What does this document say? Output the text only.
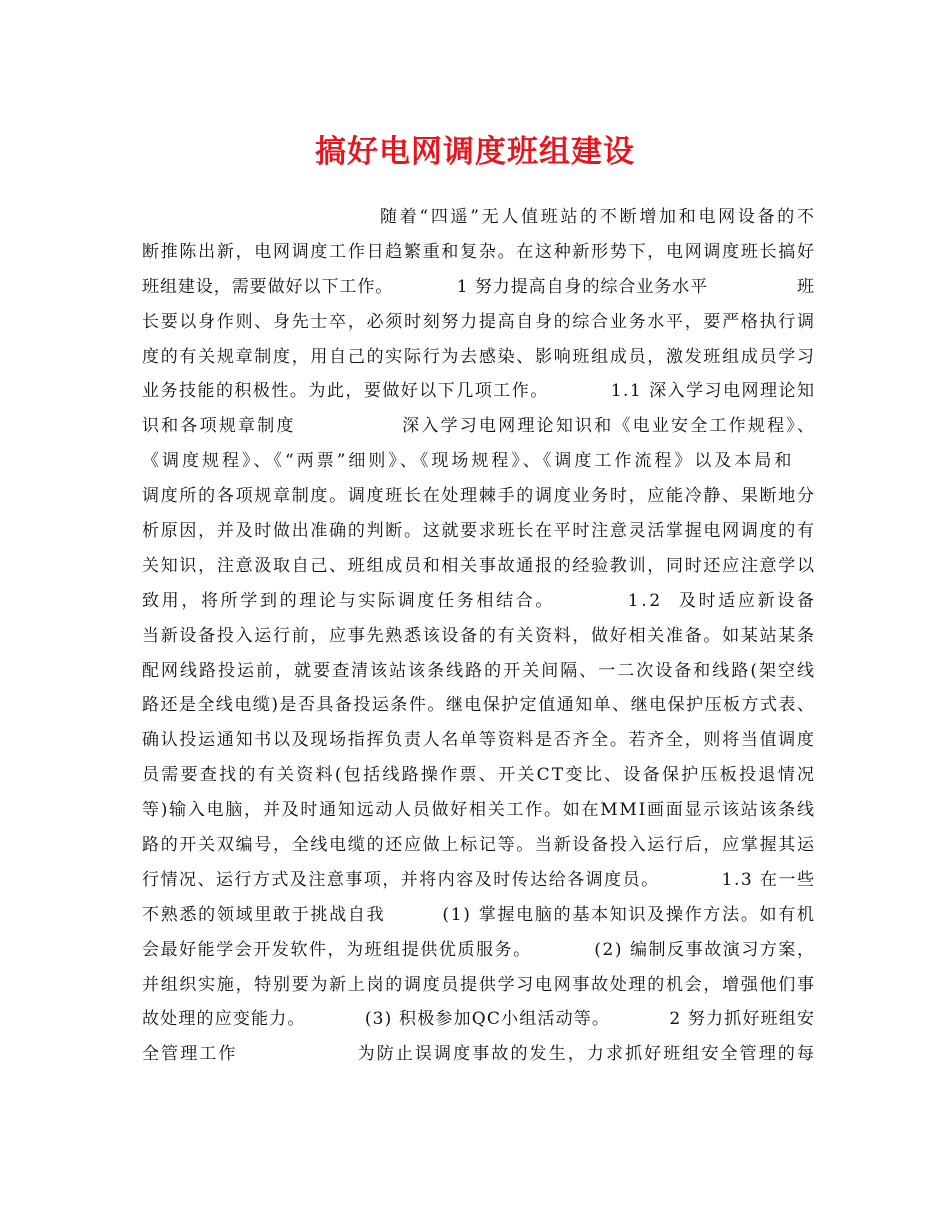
搞好电网调度班组建设
随着“四遥”无人值班站的不断增加和电网设备的不
断推陈出新，电网调度工作日趋繁重和复杂。在这种新形势下，电网调度班长搞好
班组建设，需要做好以下工作。          1 努力提高自身的综合业务水平              班
长要以身作则、身先士卒，必须时刻努力提高自身的综合业务水平，要严格执行调
度的有关规章制度，用自己的实际行为去感染、影响班组成员，激发班组成员学习
业务技能的积极性。为此，要做好以下几项工作。         1.1 深入学习电网理论知
识和各项规章制度              深入学习电网理论知识和《电业安全工作规程》、
《调度规程》、《“两票”细则》、《现场规程》、《调度工作流程》以及本局和
调度所的各项规章制度。调度班长在处理棘手的调度业务时，应能冷静、果断地分
析原因，并及时做出准确的判断。这就要求班长在平时注意灵活掌握电网调度的有
关知识，注意汲取自己、班组成员和相关事故通报的经验教训，同时还应注意学以
致用，将所学到的理论与实际调度任务相结合。         1.2  及时适应新设备
当新设备投入运行前，应事先熟悉该设备的有关资料，做好相关准备。如某站某条
配网线路投运前，就要查清该站该条线路的开关间隔、一二次设备和线路(架空线
路还是全线电缆)是否具备投运条件。继电保护定值通知单、继电保护压板方式表、
确认投运通知书以及现场指挥负责人名单等资料是否齐全。若齐全，则将当值调度
员需要查找的有关资料(包括线路操作票、开关CT变比、设备保护压板投退情况
等)输入电脑，并及时通知远动人员做好相关工作。如在MMI画面显示该站该条线
路的开关双编号，全线电缆的还应做上标记等。当新设备投入运行后，应掌握其运
行情况、运行方式及注意事项，并将内容及时传达给各调度员。         1.3 在一些
不熟悉的领域里敢于挑战自我        (1) 掌握电脑的基本知识及操作方法。如有机
会最好能学会开发软件，为班组提供优质服务。         (2) 编制反事故演习方案，
并组织实施，特别要为新上岗的调度员提供学习电网事故处理的机会，增强他们事
故处理的应变能力。         (3) 积极参加QC小组活动等。         2 努力抓好班组安
全管理工作                为防止误调度事故的发生，力求抓好班组安全管理的每
